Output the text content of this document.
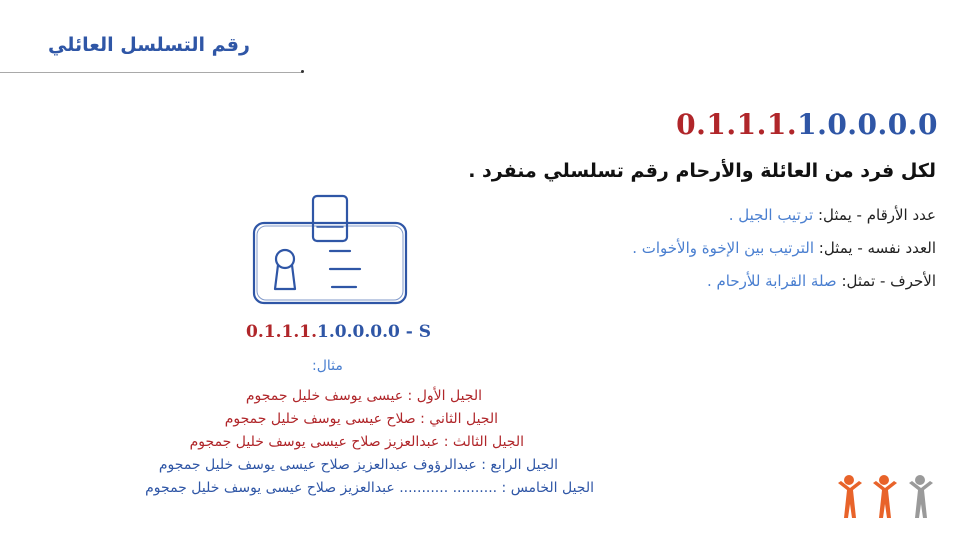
رقم التسلسل العائلي
0.1.1.1.1.0.0.0.0
لكل فرد من العائلة والأرحام رقم تسلسلي منفرد .
عدد الأرقام - يمثل: ترتيب الجيل .
العدد نفسه - يمثل: الترتيب بين الإخوة والأخوات .
الأحرف - تمثل: صلة القرابة للأرحام .
0.1.1.1.1.0.0.0.0 - S
مثال:
الجيل الأول : عيسى يوسف خليل جمجوم
الجيل الثاني : صلاح عيسى يوسف خليل جمجوم
الجيل الثالث : عبدالعزيز صلاح عيسى يوسف خليل جمجوم
الجيل الرابع : عبدالرؤوف عبدالعزيز صلاح عيسى يوسف خليل جمجوم
الجيل الخامس : .......... ........... عبدالعزيز صلاح عيسى يوسف خليل جمجوم
